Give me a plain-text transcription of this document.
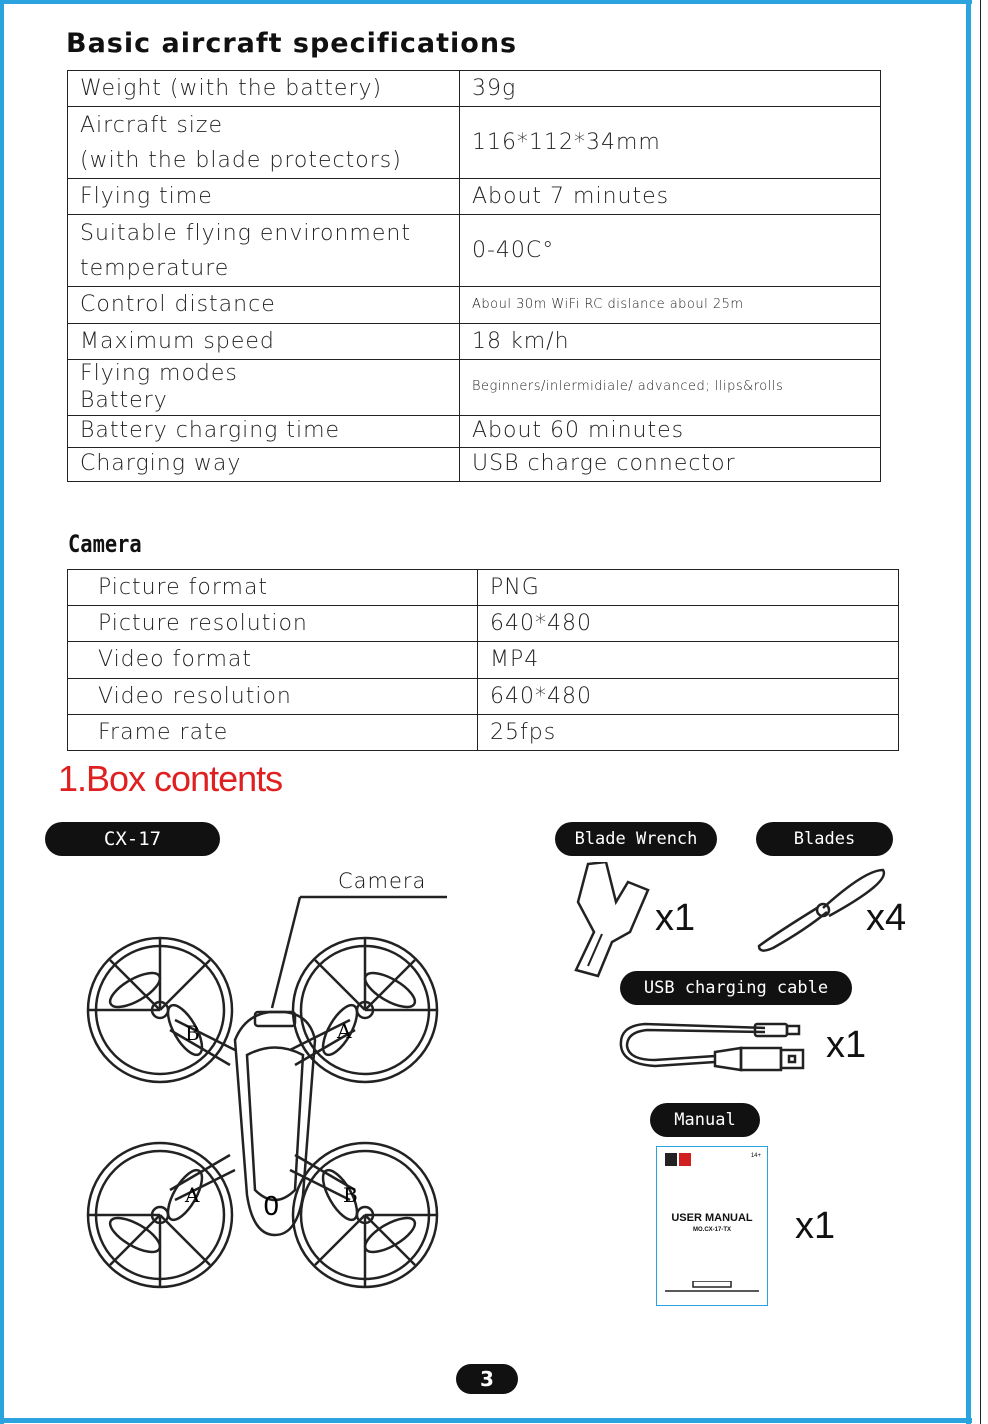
Basic aircraft specifications
Weight (with the battery)	39g
Aircraft size
(with the blade protectors)	116*112*34mm
Flying time	About 7 minutes
Suitable flying environment
temperature	0-40C°
Control distance	Aboul 30m WiFi RC dislance aboul 25m
Maximum speed	18 km/h
Flying modes
Battery	Beginners/inlermidiale/ advanced; llips&rolls
Battery charging time	About 60 minutes
Charging way	USB charge connector
Camera
Picture format	PNG
Picture resolution	640*480
Video format	MP4
Video resolution	640*480
Frame rate	25fps
1.Box contents
CX-17	Blade Wrench	Blades
USB charging cable
Manual
Camera
B	A
A	B
0
x1	x4
x1
14+
USER MANUAL
MO.CX-17-TX	x1
3
